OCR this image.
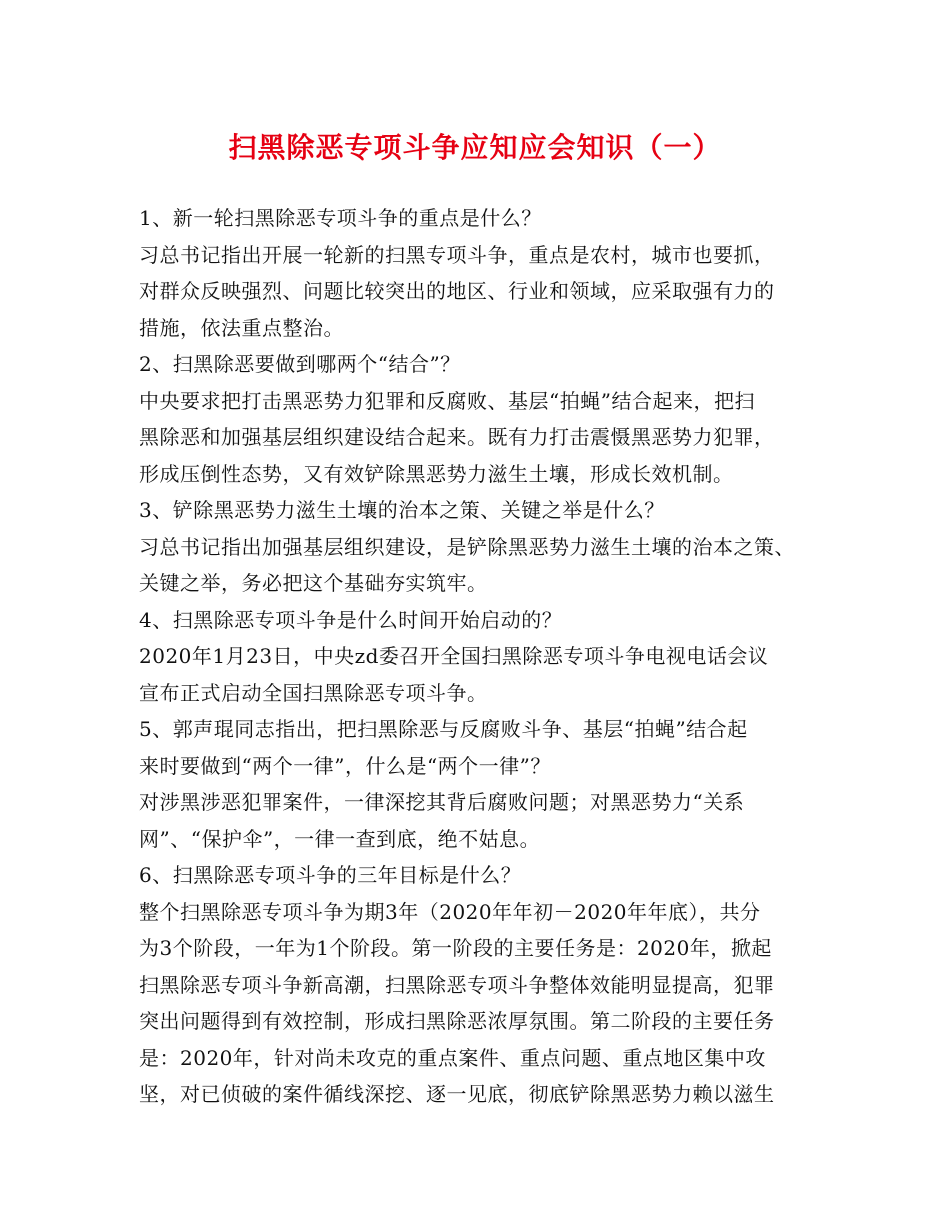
扫黑除恶专项斗争应知应会知识（一）
1、新一轮扫黑除恶专项斗争的重点是什么？
习总书记指出开展一轮新的扫黑专项斗争，重点是农村，城市也要抓，
对群众反映强烈、问题比较突出的地区、行业和领域，应采取强有力的
措施，依法重点整治。
2、扫黑除恶要做到哪两个“结合”？
中央要求把打击黑恶势力犯罪和反腐败、基层“拍蝇”结合起来，把扫
黑除恶和加强基层组织建设结合起来。既有力打击震慑黑恶势力犯罪，
形成压倒性态势，又有效铲除黑恶势力滋生土壤，形成长效机制。
3、铲除黑恶势力滋生土壤的治本之策、关键之举是什么？
习总书记指出加强基层组织建设，是铲除黑恶势力滋生土壤的治本之策、
关键之举，务必把这个基础夯实筑牢。
4、扫黑除恶专项斗争是什么时间开始启动的？
2020年1月23日，中央zd委召开全国扫黑除恶专项斗争电视电话会议
宣布正式启动全国扫黑除恶专项斗争。
5、郭声琨同志指出，把扫黑除恶与反腐败斗争、基层“拍蝇”结合起
来时要做到“两个一律”，什么是“两个一律”？
对涉黑涉恶犯罪案件，一律深挖其背后腐败问题；对黑恶势力“关系
网”、“保护伞”，一律一查到底，绝不姑息。
6、扫黑除恶专项斗争的三年目标是什么？
整个扫黑除恶专项斗争为期3年（2020年年初－2020年年底），共分
为3个阶段，一年为1个阶段。第一阶段的主要任务是：2020年，掀起
扫黑除恶专项斗争新高潮，扫黑除恶专项斗争整体效能明显提高，犯罪
突出问题得到有效控制，形成扫黑除恶浓厚氛围。第二阶段的主要任务
是：2020年，针对尚未攻克的重点案件、重点问题、重点地区集中攻
坚，对已侦破的案件循线深挖、逐一见底，彻底铲除黑恶势力赖以滋生
